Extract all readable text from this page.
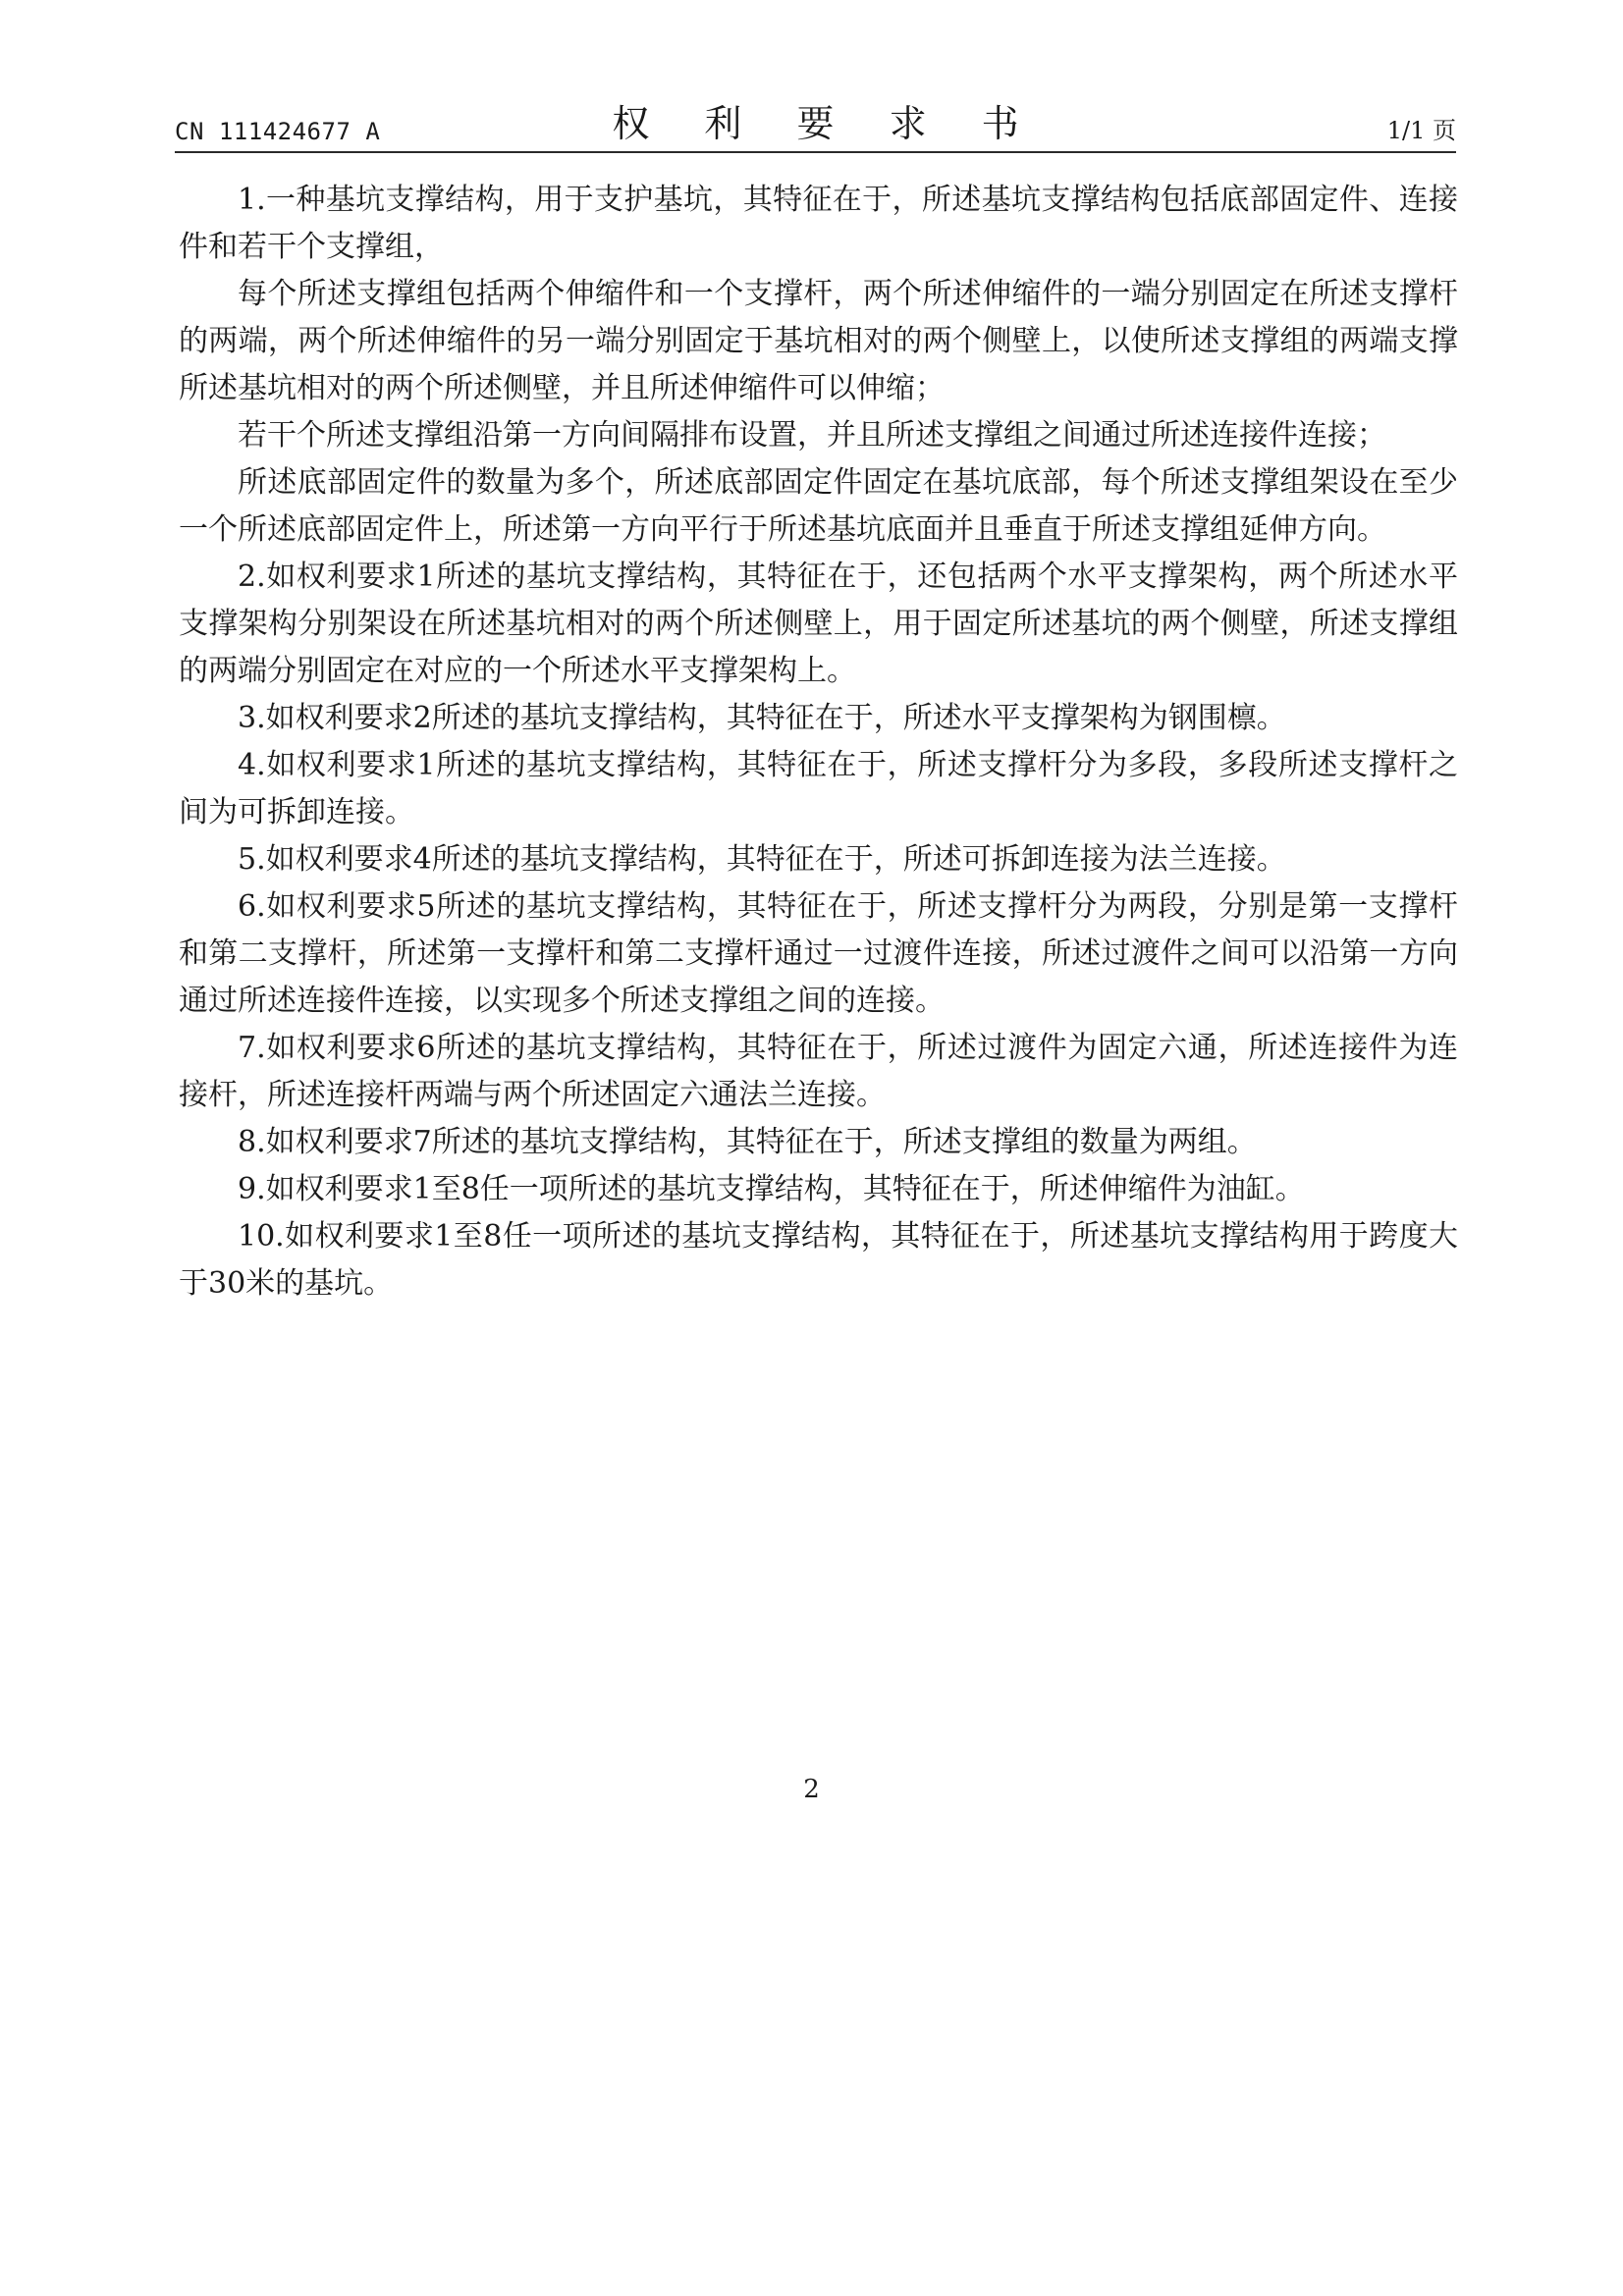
CN 111424677 A	权 利 要 求 书	1/1 页

1.一种基坑支撑结构，用于支护基坑，其特征在于，所述基坑支撑结构包括底部固定件、连接件和若干个支撑组，

每个所述支撑组包括两个伸缩件和一个支撑杆，两个所述伸缩件的一端分别固定在所述支撑杆的两端，两个所述伸缩件的另一端分别固定于基坑相对的两个侧壁上，以使所述支撑组的两端支撑所述基坑相对的两个所述侧壁，并且所述伸缩件可以伸缩；

若干个所述支撑组沿第一方向间隔排布设置，并且所述支撑组之间通过所述连接件连接；

所述底部固定件的数量为多个，所述底部固定件固定在基坑底部，每个所述支撑组架设在至少一个所述底部固定件上，所述第一方向平行于所述基坑底面并且垂直于所述支撑组延伸方向。

2.如权利要求1所述的基坑支撑结构，其特征在于，还包括两个水平支撑架构，两个所述水平支撑架构分别架设在所述基坑相对的两个所述侧壁上，用于固定所述基坑的两个侧壁，所述支撑组的两端分别固定在对应的一个所述水平支撑架构上。

3.如权利要求2所述的基坑支撑结构，其特征在于，所述水平支撑架构为钢围檩。

4.如权利要求1所述的基坑支撑结构，其特征在于，所述支撑杆分为多段，多段所述支撑杆之间为可拆卸连接。

5.如权利要求4所述的基坑支撑结构，其特征在于，所述可拆卸连接为法兰连接。

6.如权利要求5所述的基坑支撑结构，其特征在于，所述支撑杆分为两段，分别是第一支撑杆和第二支撑杆，所述第一支撑杆和第二支撑杆通过一过渡件连接，所述过渡件之间可以沿第一方向通过所述连接件连接，以实现多个所述支撑组之间的连接。

7.如权利要求6所述的基坑支撑结构，其特征在于，所述过渡件为固定六通，所述连接件为连接杆，所述连接杆两端与两个所述固定六通法兰连接。

8.如权利要求7所述的基坑支撑结构，其特征在于，所述支撑组的数量为两组。

9.如权利要求1至8任一项所述的基坑支撑结构，其特征在于，所述伸缩件为油缸。

10.如权利要求1至8任一项所述的基坑支撑结构，其特征在于，所述基坑支撑结构用于跨度大于30米的基坑。

2
